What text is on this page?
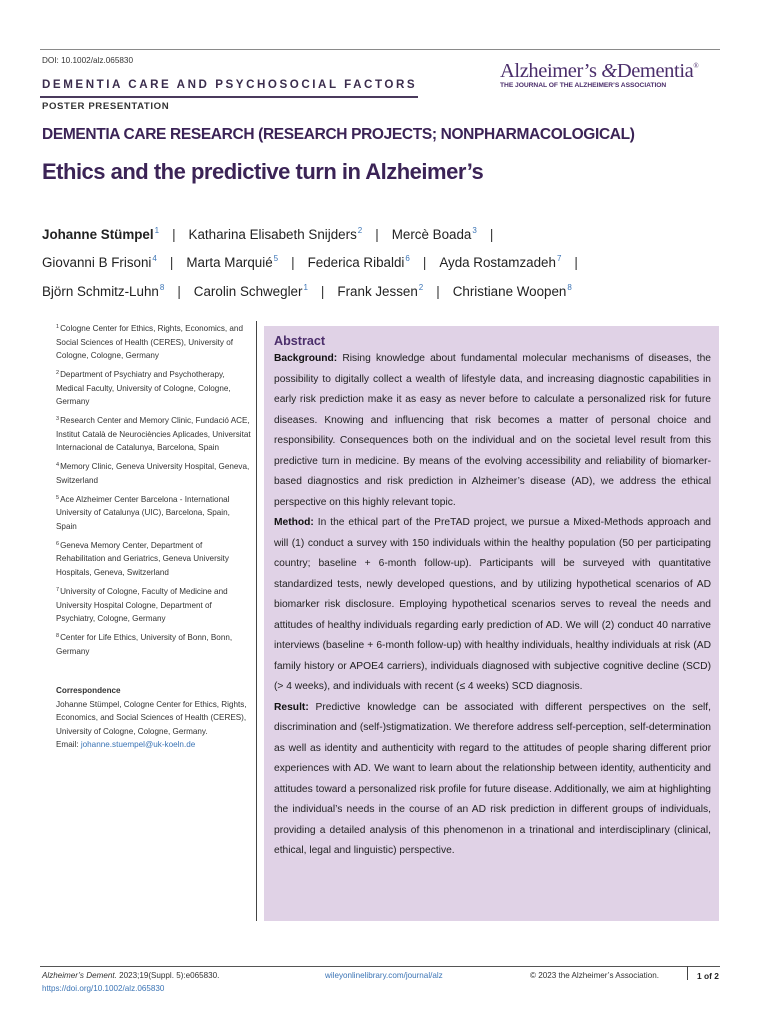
DOI: 10.1002/alz.065830
DEMENTIA CARE AND PSYCHOSOCIAL FACTORS
POSTER PRESENTATION
Alzheimer’s &Dementia®
THE JOURNAL OF THE ALZHEIMER’S ASSOCIATION
DEMENTIA CARE RESEARCH (RESEARCH PROJECTS; NONPHARMACOLOGICAL)
Ethics and the predictive turn in Alzheimer’s
Johanne Stümpel$^1$ | Katharina Elisabeth Snijders$^2$ | Mercè Boada$^3$ |
Giovanni B Frisoni$^4$ | Marta Marquié$^5$ | Federica Ribaldi$^6$ | Ayda Rostamzadeh$^7$ |
Björn Schmitz-Luhn$^8$ | Carolin Schwegler$^1$ | Frank Jessen$^2$ | Christiane Woopen$^8$
$^1$Cologne Center for Ethics, Rights, Economics, and Social Sciences of Health (CERES), University of Cologne, Cologne, Germany
$^2$Department of Psychiatry and Psychotherapy, Medical Faculty, University of Cologne, Cologne, Germany
$^3$Research Center and Memory Clinic, Fundació ACE, Institut Català de Neurociències Aplicades, Universitat Internacional de Catalunya, Barcelona, Spain
$^4$Memory Clinic, Geneva University Hospital, Geneva, Switzerland
$^5$Ace Alzheimer Center Barcelona - International University of Catalunya (UIC), Barcelona, Spain, Spain
$^6$Geneva Memory Center, Department of Rehabilitation and Geriatrics, Geneva University Hospitals, Geneva, Switzerland
$^7$University of Cologne, Faculty of Medicine and University Hospital Cologne, Department of Psychiatry, Cologne, Germany
$^8$Center for Life Ethics, University of Bonn, Bonn, Germany
Correspondence
Johanne Stümpel, Cologne Center for Ethics, Rights, Economics, and Social Sciences of Health (CERES), University of Cologne, Cologne, Germany.
Email: johanne.stuempel@uk-koeln.de
Abstract

Background: Rising knowledge about fundamental molecular mechanisms of diseases, the possibility to digitally collect a wealth of lifestyle data, and increasing diagnostic capabilities in early risk prediction make it as easy as never before to calculate a personalized risk for future diseases. Knowing and influencing that risk becomes a matter of personal choice and responsibility. Consequences both on the individual and on the societal level result from this predictive turn in medicine. By means of the evolving accessibility and reliability of biomarker-based diagnostics and risk prediction in Alzheimer’s disease (AD), we address the ethical perspective on this highly relevant topic.

Method: In the ethical part of the PreTAD project, we pursue a Mixed-Methods approach and will (1) conduct a survey with 150 individuals within the healthy population (50 per participating country; baseline + 6-month follow-up). Participants will be surveyed with quantitative standardized tests, newly developed questions, and by utilizing hypothetical scenarios of AD biomarker risk disclosure. Employing hypothetical scenarios serves to reveal the needs and attitudes of healthy individuals regarding early prediction of AD. We will (2) conduct 40 narrative interviews (baseline + 6-month follow-up) with healthy individuals, healthy individuals at risk (AD family history or APOE4 carriers), individuals diagnosed with subjective cognitive decline (SCD) (> 4 weeks), and individuals with recent (≤ 4 weeks) SCD diagnosis.

Result: Predictive knowledge can be associated with different perspectives on the self, discrimination and (self-)stigmatization. We therefore address self-perception, self-determination as well as identity and authenticity with regard to the attitudes of people sharing different prior experiences with AD. We want to learn about the relationship between identity, authenticity and attitudes toward a personalized risk profile for future disease. Additionally, we aim at highlighting the individual’s needs in the course of an AD risk prediction in different groups of individuals, providing a detailed analysis of this phenomenon in a trinational and interdisciplinary (clinical, ethical, legal and linguistic) perspective.

Alzheimer’s Dement. 2023;19(Suppl. 5):e065830.
https://doi.org/10.1002/alz.065830
wileyonlinelibrary.com/journal/alz	© 2023 the Alzheimer’s Association.	1 of 2
